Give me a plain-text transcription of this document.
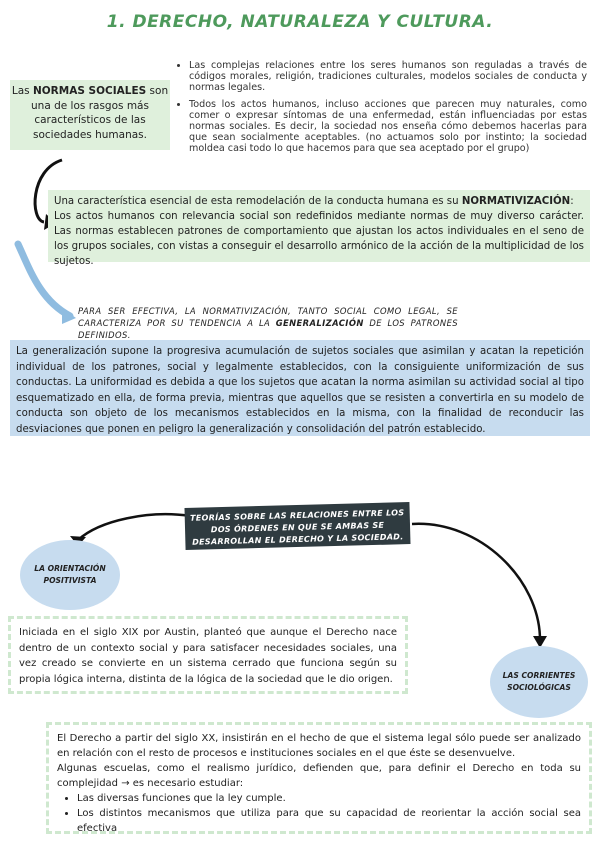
1. DERECHO, NATURALEZA Y CULTURA.
Las NORMAS SOCIALES son una de los rasgos más característicos de las sociedades humanas.
• Las complejas relaciones entre los seres humanos son reguladas a través de códigos morales, religión, tradiciones culturales, modelos sociales de conducta y normas legales.
• Todos los actos humanos, incluso acciones que parecen muy naturales, como comer o expresar síntomas de una enfermedad, están influenciadas por estas normas sociales. Es decir, la sociedad nos enseña cómo debemos hacerlas para que sean socialmente aceptables. (no actuamos solo por instinto; la sociedad moldea casi todo lo que hacemos para que sea aceptado por el grupo)
Una característica esencial de esta remodelación de la conducta humana es su NORMATIVIZACIÓN:
Los actos humanos con relevancia social son redefinidos mediante normas de muy diverso carácter. Las normas establecen patrones de comportamiento que ajustan los actos individuales en el seno de los grupos sociales, con vistas a conseguir el desarrollo armónico de la acción de la multiplicidad de los sujetos.
PARA SER EFECTIVA, LA NORMATIVIZACIÓN, TANTO SOCIAL COMO LEGAL, SE CARACTERIZA POR SU TENDENCIA A LA GENERALIZACIÓN DE LOS PATRONES DEFINIDOS.
La generalización supone la progresiva acumulación de sujetos sociales que asimilan y acatan la repetición individual de los patrones, social y legalmente establecidos, con la consiguiente uniformización de sus conductas. La uniformidad es debida a que los sujetos que acatan la norma asimilan su actividad social al tipo esquematizado en ella, de forma previa, mientras que aquellos que se resisten a convertirla en su modelo de conducta son objeto de los mecanismos establecidos en la misma, con la finalidad de reconducir las desviaciones que ponen en peligro la generalización y consolidación del patrón establecido.
TEORÍAS SOBRE LAS RELACIONES ENTRE LOS DOS ÓRDENES EN QUE SE AMBAS SE DESARROLLAN EL DERECHO Y LA SOCIEDAD.
LA ORIENTACIÓN POSITIVISTA
LAS CORRIENTES SOCIOLÓGICAS
Iniciada en el siglo XIX por Austin, planteó que aunque el Derecho nace dentro de un contexto social y para satisfacer necesidades sociales, una vez creado se convierte en un sistema cerrado que funciona según su propia lógica interna, distinta de la lógica de la sociedad que le dio origen.

El Derecho a partir del siglo XX, insistirán en el hecho de que el sistema legal sólo puede ser analizado en relación con el resto de procesos e instituciones sociales en el que éste se desenvuelve.

Algunas escuelas, como el realismo jurídico, defienden que, para definir el Derecho en toda su complejidad → es necesario estudiar:

• Las diversas funciones que la ley cumple.
• Los distintos mecanismos que utiliza para que su capacidad de reorientar la acción social sea efectiva
